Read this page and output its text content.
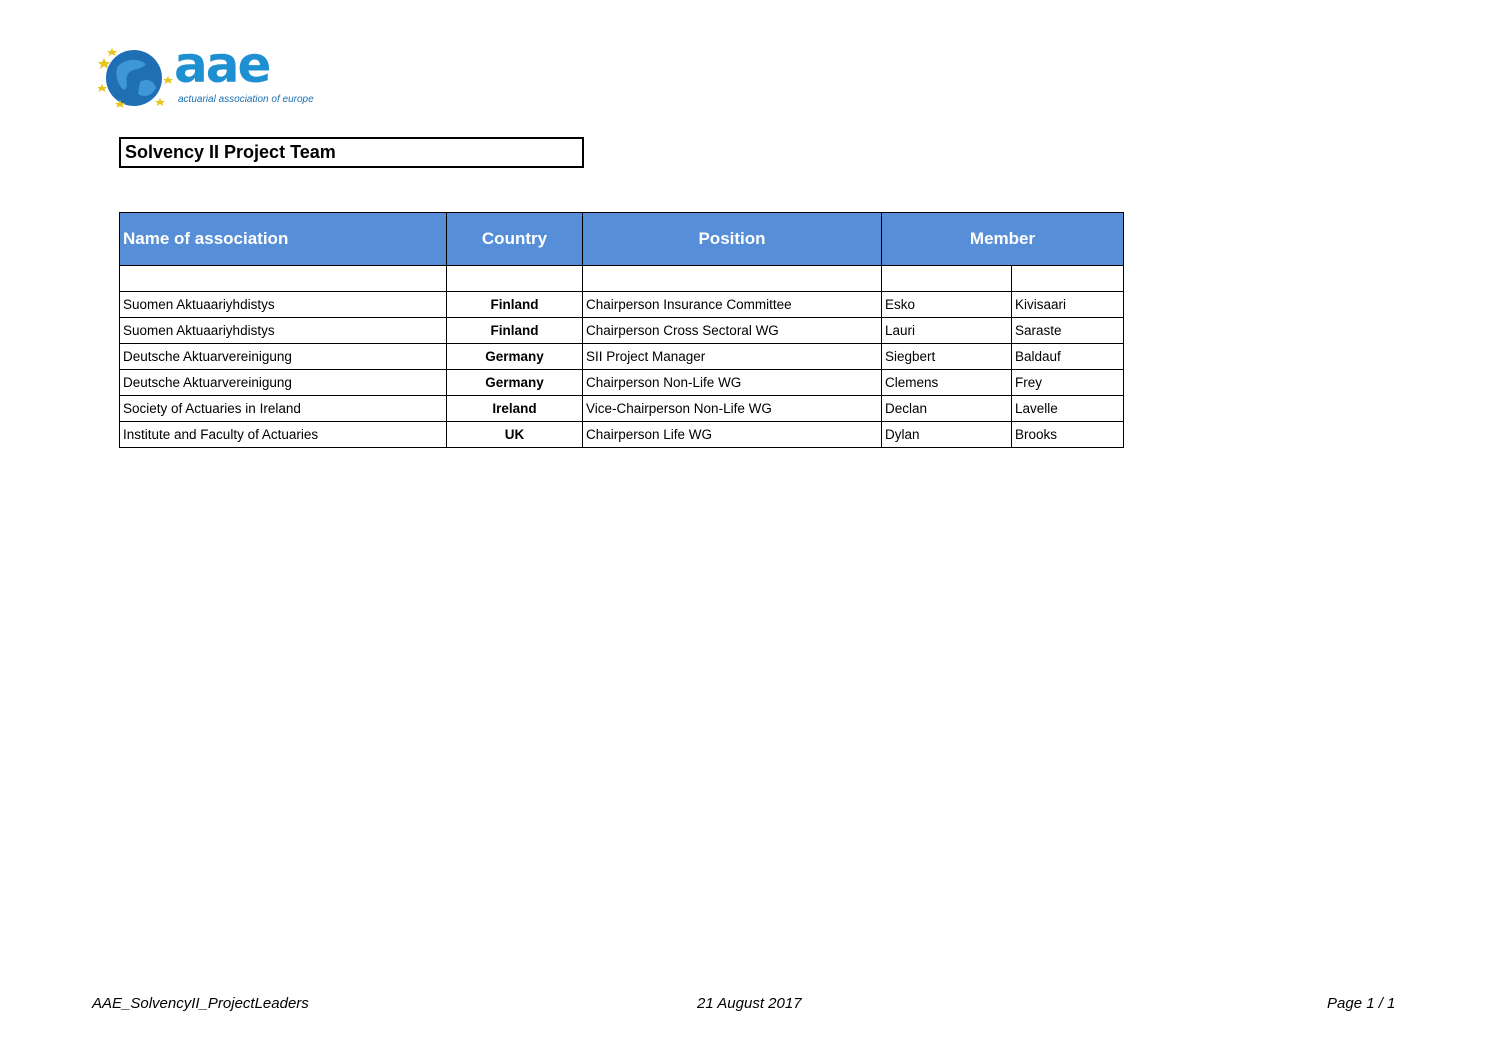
aae
actuarial association of europe
Solvency II Project Team
Name of association	Country	Position	Member	

Suomen Aktuaariyhdistys	Finland	Chairperson Insurance Committee	Esko	Kivisaari
Suomen Aktuaariyhdistys	Finland	Chairperson Cross Sectoral WG	Lauri	Saraste
Deutsche Aktuarvereinigung	Germany	SII Project Manager	Siegbert	Baldauf
Deutsche Aktuarvereinigung	Germany	Chairperson Non-Life WG	Clemens	Frey
Society of Actuaries in Ireland	Ireland	Vice-Chairperson Non-Life WG	Declan	Lavelle
Institute and Faculty of Actuaries	UK	Chairperson Life WG	Dylan	Brooks
AAE_SolvencyII_ProjectLeaders	21 August 2017	Page 1 / 1
